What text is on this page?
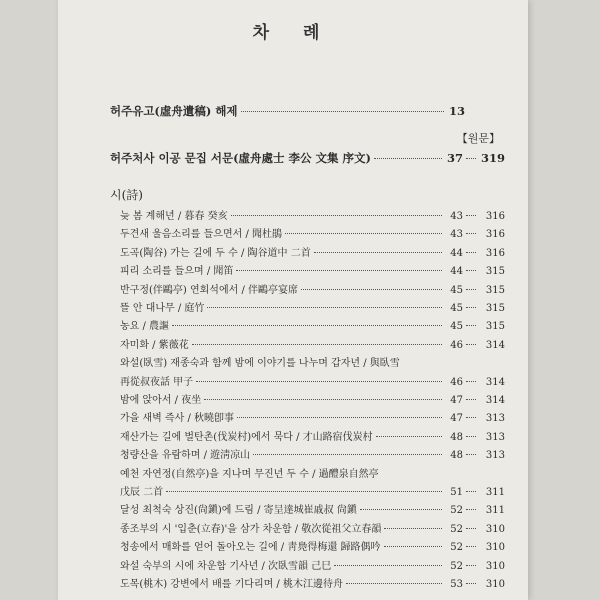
차 례
허주유고(虛舟遺稿) 해제	13
【원문】
허주처사 이공 문집 서문(虛舟處士 李公 文集 序文)	37 319
시(詩)
늦 봄 계해년 / 暮春 癸亥	43	316
두견새 울음소리를 들으면서 / 聞杜鵑	43	316
도곡(陶谷) 가는 길에 두 수 / 陶谷道中 二首	44	316
피리 소리를 들으며 / 聞笛	44	315
반구정(伴鷗亭) 연회석에서 / 伴鷗亭宴席	45	315
뜰 안 대나무 / 庭竹	45	315
농요 / 農謳	45	315
자미화 / 紫薇花	46	314
와설(臥雪) 재종숙과 함께 밤에 이야기를 나누며 갑자년 / 與臥雪
再從叔夜話 甲子	46	314
밤에 앉아서 / 夜坐	47	314
가을 새벽 즉사 / 秋曉卽事	47	313
재산가는 길에 벌탄촌(伐炭村)에서 묵다 / 才山路宿伐炭村	48	313
청량산을 유람하며 / 遊淸凉山	48	313
예천 자연정(自然亭)을 지나며 무진년 두 수 / 過醴泉自然亭
戊辰 二首	51	311
달성 최척숙 상진(尙鎭)에 드림 / 寄呈達城崔戚叔 尙鎭	52	311
종조부의 시 '입춘(立春)'을 삼가 차운함 / 敬次從祖父立春韻	52	310
청송에서 매화를 얻어 돌아오는 길에 / 靑鳧得梅還 歸路偶吟	52	310
와설 숙부의 시에 차운함 기사년 / 次臥雪韻 己巳	52	310
도목(桃木) 강변에서 배를 기다리며 / 桃木江邊待舟	53	310
